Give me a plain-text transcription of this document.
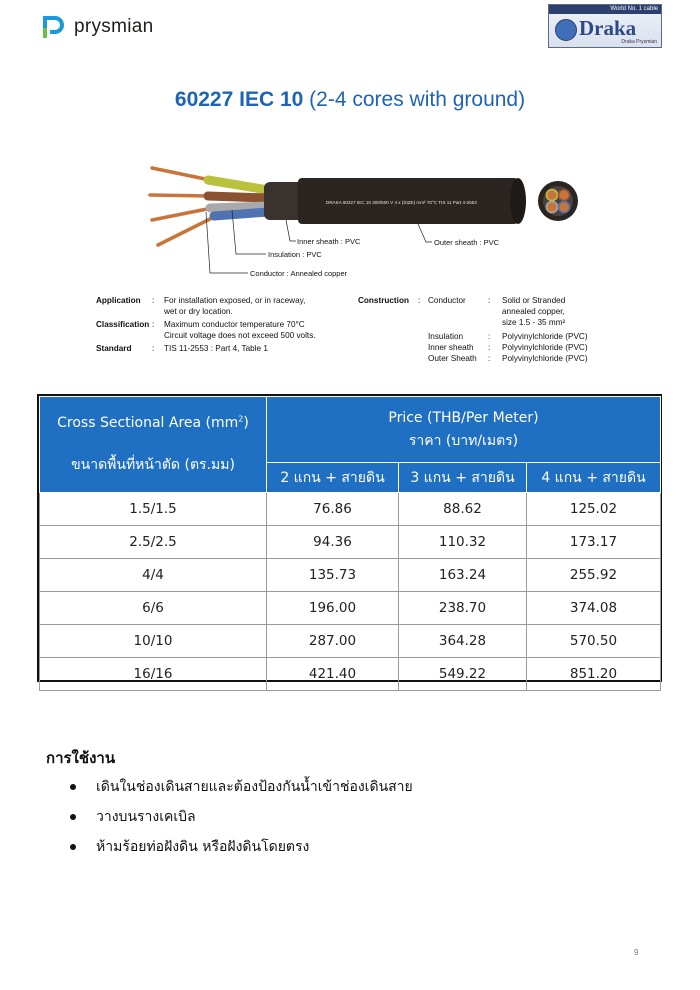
prysmian
World No. 1 cable
Draka
Draka Prysmian
60227 IEC 10 (2-4 cores with ground)
DRAKA 60227 IEC 10 300/500 V 4 x (SIZE) mm² 70°C TIS 11 Part 4-2553
Inner sheath : PVC
Insulation : PVC
Conductor : Annealed copper
Outer sheath : PVC
Application : For installation exposed, or in raceway,
wet or dry location.
Classification : Maximum conductor temperature 70°C
Circuit voltage does not exceed 500 volts.
Standard	: TIS 11-2553 : Part 4, Table 1
Construction : Conductor	: Solid or Stranded
annealed copper,
size 1.5 - 35 mm²
Insulation	: Polyvinylchloride (PVC)
Inner sheath : Polyvinylchloride (PVC)
Outer Sheath : Polyvinylchloride (PVC)
Cross Sectional Area $(mm^2)$

ขนาดพื้นที่หน้าตัด (ตร.มม)	Price (THB/Per Meter)
ราคา (บาท/เมตร)		
	2 แกน + สายดิน	3 แกน + สายดิน	4 แกน + สายดิน
1.5/1.5	76.86	88.62	125.02
2.5/2.5	94.36	110.32	173.17
4/4	135.73	163.24	255.92
6/6	196.00	238.70	374.08
10/10	287.00	364.28	570.50
16/16	421.40	549.22	851.20
การใช้งาน
เดินในช่องเดินสายและต้องป้องกันน้ำเข้าช่องเดินสาย
วางบนรางเคเบิล
ห้ามร้อยท่อฝังดิน หรือฝังดินโดยตรง
9
